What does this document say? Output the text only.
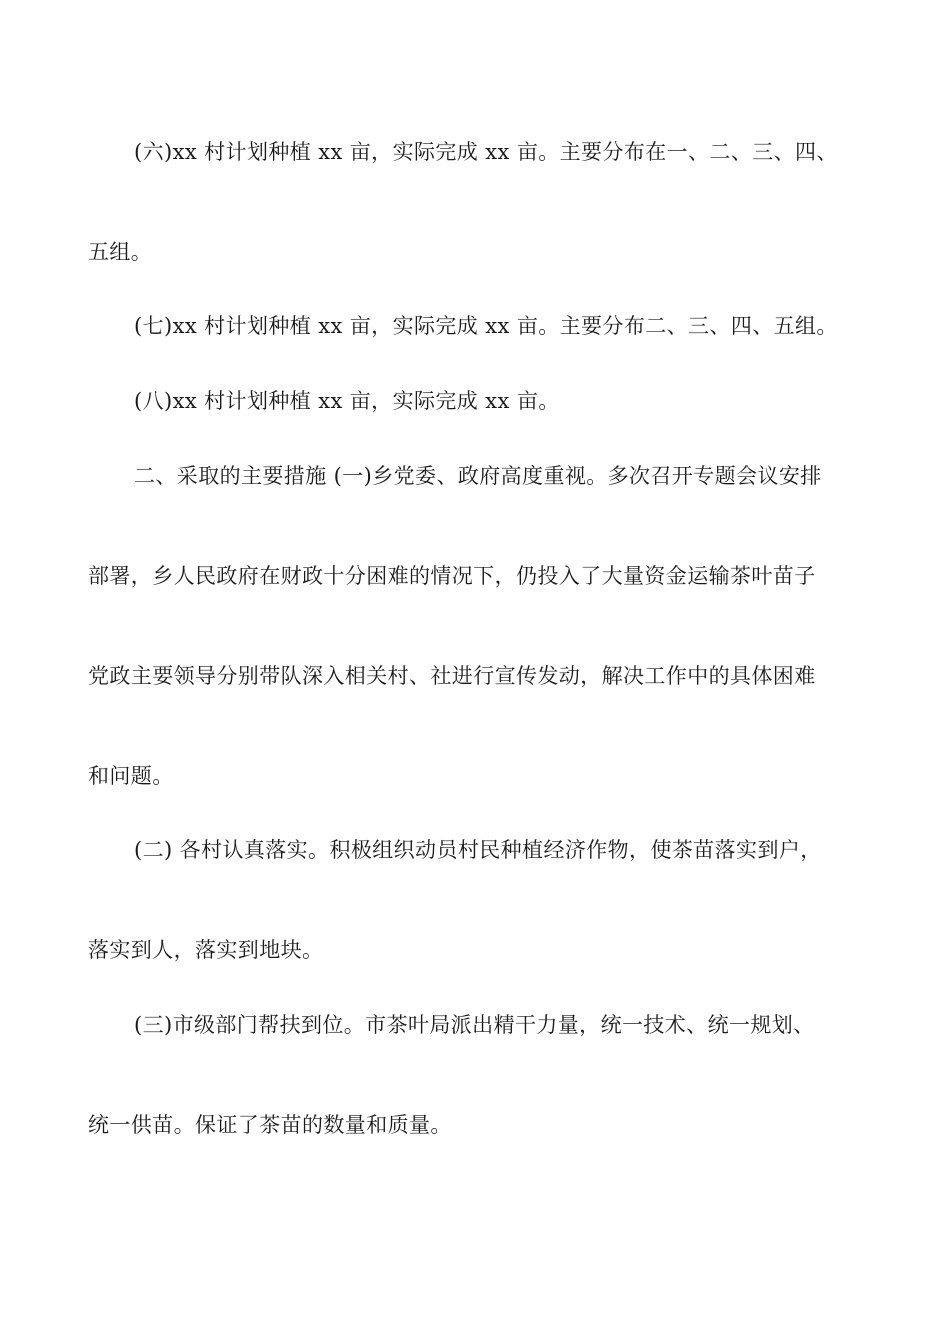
(六)xx 村计划种植 xx 亩，实际完成 xx 亩。主要分布在一、二、三、四、
五组。
(七)xx 村计划种植 xx 亩，实际完成 xx 亩。主要分布二、三、四、五组。
(八)xx 村计划种植 xx 亩，实际完成 xx 亩。
二、采取的主要措施 (一)乡党委、政府高度重视。多次召开专题会议安排
部署，乡人民政府在财政十分困难的情况下，仍投入了大量资金运输茶叶苗子
党政主要领导分别带队深入相关村、社进行宣传发动，解决工作中的具体困难
和问题。
(二) 各村认真落实。积极组织动员村民种植经济作物，使茶苗落实到户，
落实到人，落实到地块。
(三)市级部门帮扶到位。市茶叶局派出精干力量，统一技术、统一规划、
统一供苗。保证了茶苗的数量和质量。
